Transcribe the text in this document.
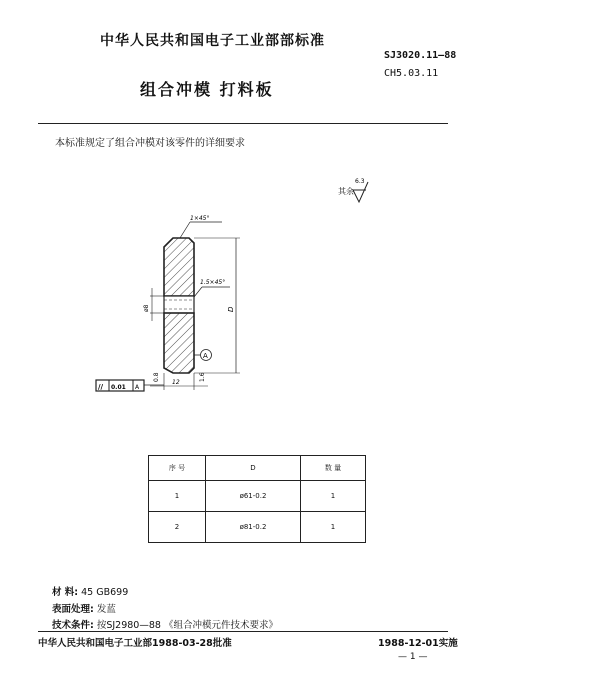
中华人民共和国电子工业部部标准
组合冲模 打料板
SJ3020.11—88
CH5.03.11
本标准规定了组合冲模对该零件的详细要求
其余
6.3
1×45°
1.5×45°
ø8	D
A
12
0.8	1.6
// 0.01 A
序 号	D	数 量
1	ø61-0.2	1
2	ø81-0.2	1
材 料: 45 GB699
表面处理: 发蓝
技术条件: 按SJ2980—88 《组合冲模元件技术要求》
中华人民共和国电子工业部1988-03-28批准	1988-12-01实施
— 1 —
